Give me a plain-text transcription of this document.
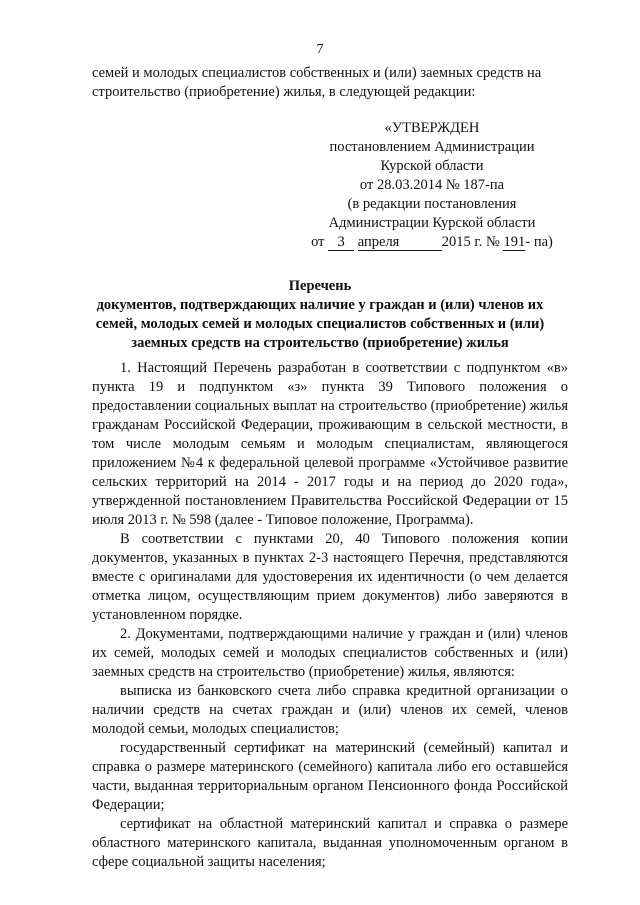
7

семей и молодых специалистов собственных и (или) заемных средств на

строительство (приобретение) жилья, в следующей редакции:

«УТВЕРЖДЕН
постановлением Администрации
Курской области
от 28.03.2014 № 187-па
(в редакции постановления
Администрации Курской области
от 3 апреля	2015 г. № 191- па)
Перечень
документов, подтверждающих наличие у граждан и (или) членов их
семей, молодых семей и молодых специалистов собственных и (или)
заемных средств на строительство (приобретение) жилья

1. Настоящий Перечень разработан в соответствии с подпунктом «в» пункта 19 и подпунктом «з» пункта 39 Типового положения о предоставлении социальных выплат на строительство (приобретение) жилья гражданам Российской Федерации, проживающим в сельской местности, в том числе молодым семьям и молодым специалистам, являющегося приложением №4 к федеральной целевой программе «Устойчивое развитие сельских территорий на 2014 - 2017 годы и на период до 2020 года», утвержденной постановлением Правительства Российской Федерации от 15 июля 2013 г. № 598 (далее - Типовое положение, Программа).

В соответствии с пунктами 20, 40 Типового положения копии документов, указанных в пунктах 2-3 настоящего Перечня, представляются вместе с оригиналами для удостоверения их идентичности (о чем делается отметка лицом, осуществляющим прием документов) либо заверяются в установленном порядке.

2. Документами, подтверждающими наличие у граждан и (или) членов их семей, молодых семей и молодых специалистов собственных и (или) заемных средств на строительство (приобретение) жилья, являются:

выписка из банковского счета либо справка кредитной организации о наличии средств на счетах граждан и (или) членов их семей, членов молодой семьи, молодых специалистов;

государственный сертификат на материнский (семейный) капитал и справка о размере материнского (семейного) капитала либо его оставшейся части, выданная территориальным органом Пенсионного фонда Российской Федерации;

сертификат на областной материнский капитал и справка о размере областного материнского капитала, выданная уполномоченным органом в сфере социальной защиты населения;
